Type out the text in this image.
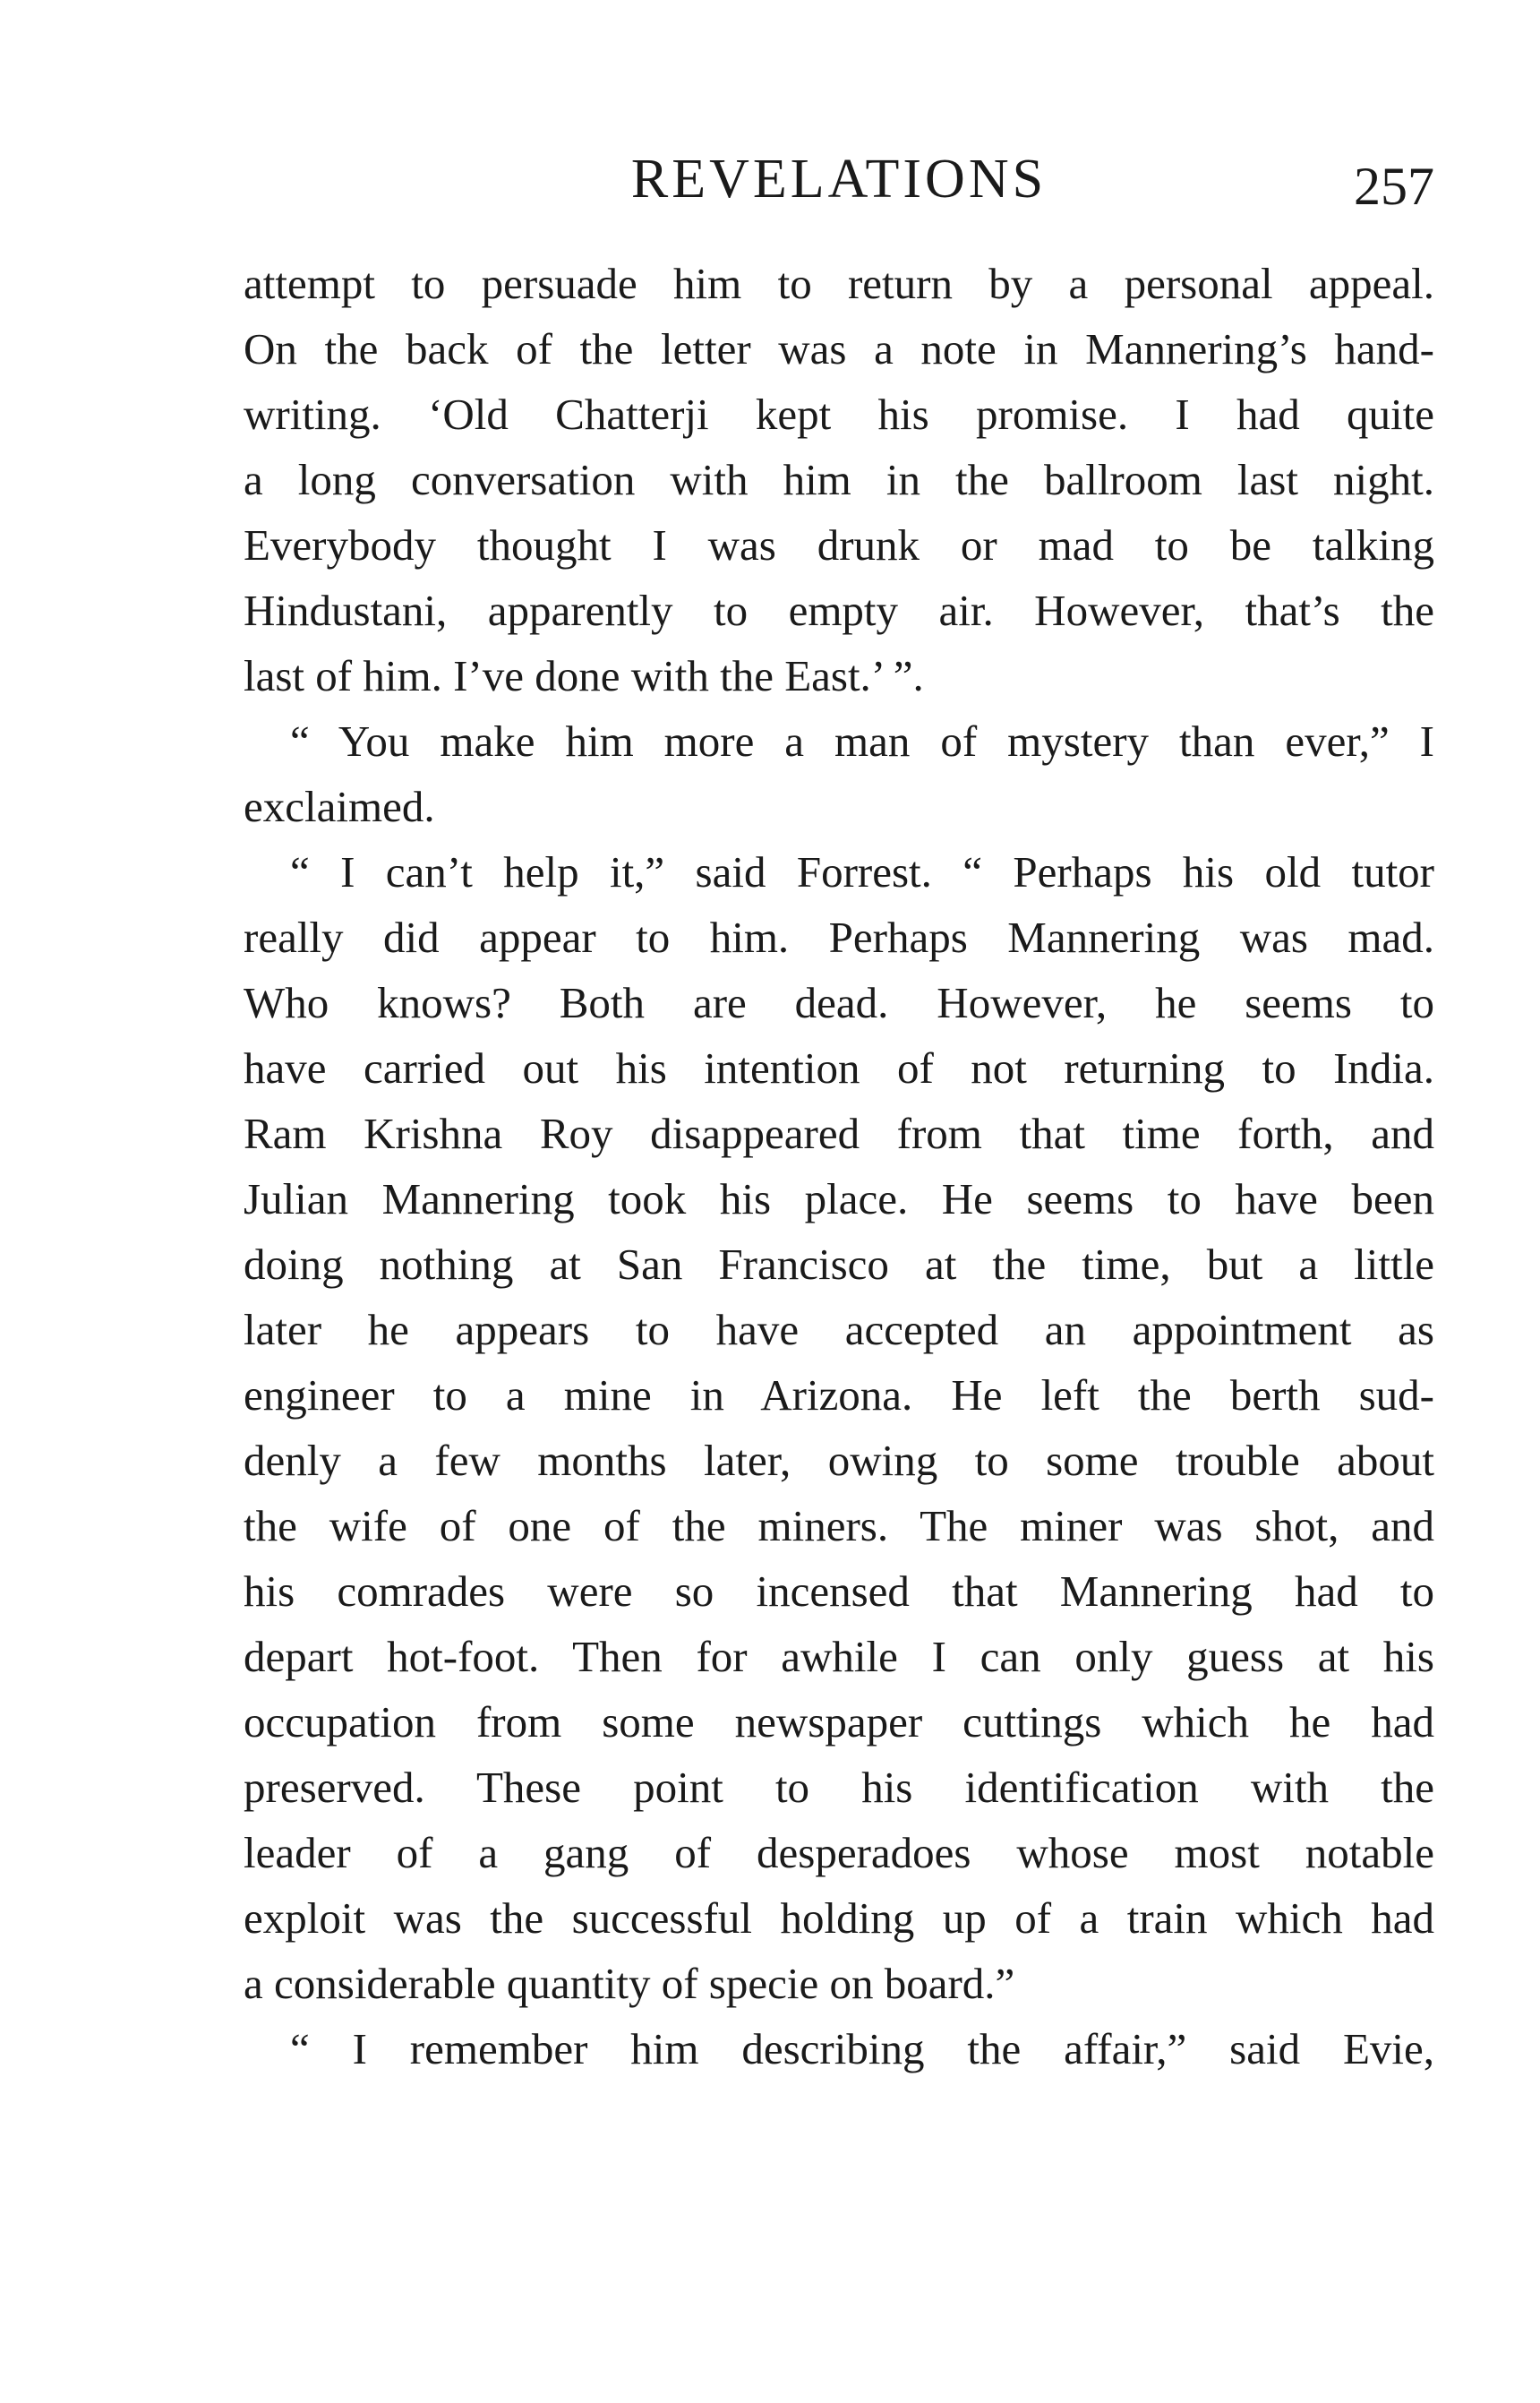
REVELATIONS	257
attempt to persuade him to return by a personal appeal.
On the back of the letter was a note in Mannering’s hand-
writing. ‘Old Chatterji kept his promise. I had quite
a long conversation with him in the ballroom last night.
Everybody thought I was drunk or mad to be talking
Hindustani, apparently to empty air. However, that’s the
last of him. I’ve done with the East.’ ”.
“ You make him more a man of mystery than ever,” I
exclaimed.
“ I can’t help it,” said Forrest. “ Perhaps his old tutor
really did appear to him. Perhaps Mannering was mad.
Who knows? Both are dead. However, he seems to
have carried out his intention of not returning to India.
Ram Krishna Roy disappeared from that time forth, and
Julian Mannering took his place. He seems to have been
doing nothing at San Francisco at the time, but a little
later he appears to have accepted an appointment as
engineer to a mine in Arizona. He left the berth sud-
denly a few months later, owing to some trouble about
the wife of one of the miners. The miner was shot, and
his comrades were so incensed that Mannering had to
depart hot-foot. Then for awhile I can only guess at his
occupation from some newspaper cuttings which he had
preserved. These point to his identification with the
leader of a gang of desperadoes whose most notable
exploit was the successful holding up of a train which had
a considerable quantity of specie on board.”
“ I remember him describing the affair,” said Evie,
